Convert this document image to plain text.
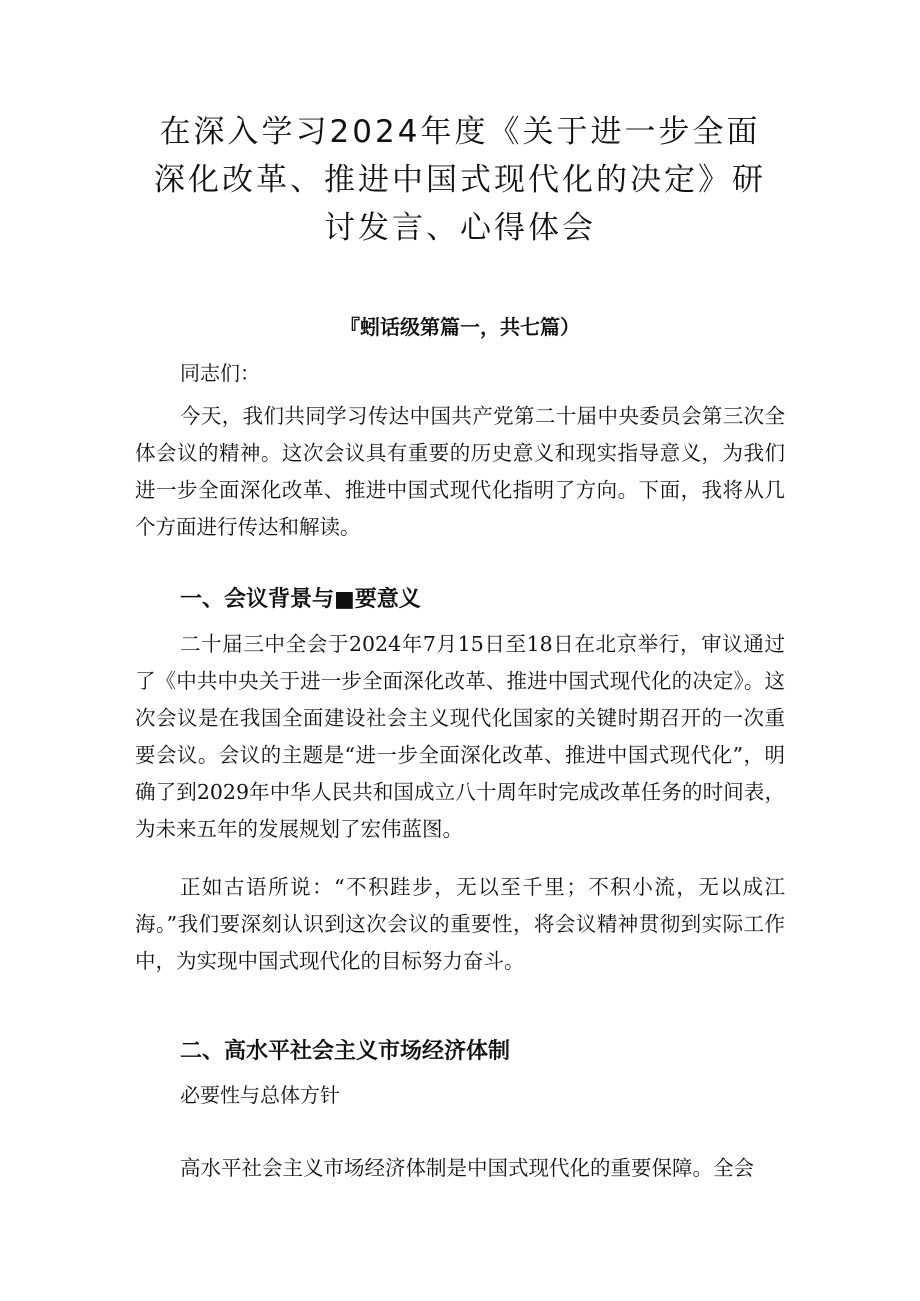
在深入学习2024年度《关于进一步全面深化改革、推进中国式现代化的决定》研讨发言、心得体会
『蚓话级第篇一，共七篇）
同志们：

今天，我们共同学习传达中国共产党第二十届中央委员会第三次全体会议的精神。这次会议具有重要的历史意义和现实指导意义，为我们进一步全面深化改革、推进中国式现代化指明了方向。下面，我将从几个方面进行传达和解读。

一、会议背景与■要意义

二十届三中全会于2024年7月15日至18日在北京举行，审议通过了《中共中央关于进一步全面深化改革、推进中国式现代化的决定》。这次会议是在我国全面建设社会主义现代化国家的关键时期召开的一次重要会议。会议的主题是“进一步全面深化改革、推进中国式现代化”，明确了到2029年中华人民共和国成立八十周年时完成改革任务的时间表，为未来五年的发展规划了宏伟蓝图。

正如古语所说：“不积跬步，无以至千里；不积小流，无以成江海。”我们要深刻认识到这次会议的重要性，将会议精神贯彻到实际工作中，为实现中国式现代化的目标努力奋斗。

二、高水平社会主义市场经济体制
必要性与总体方针

高水平社会主义市场经济体制是中国式现代化的重要保障。全会
